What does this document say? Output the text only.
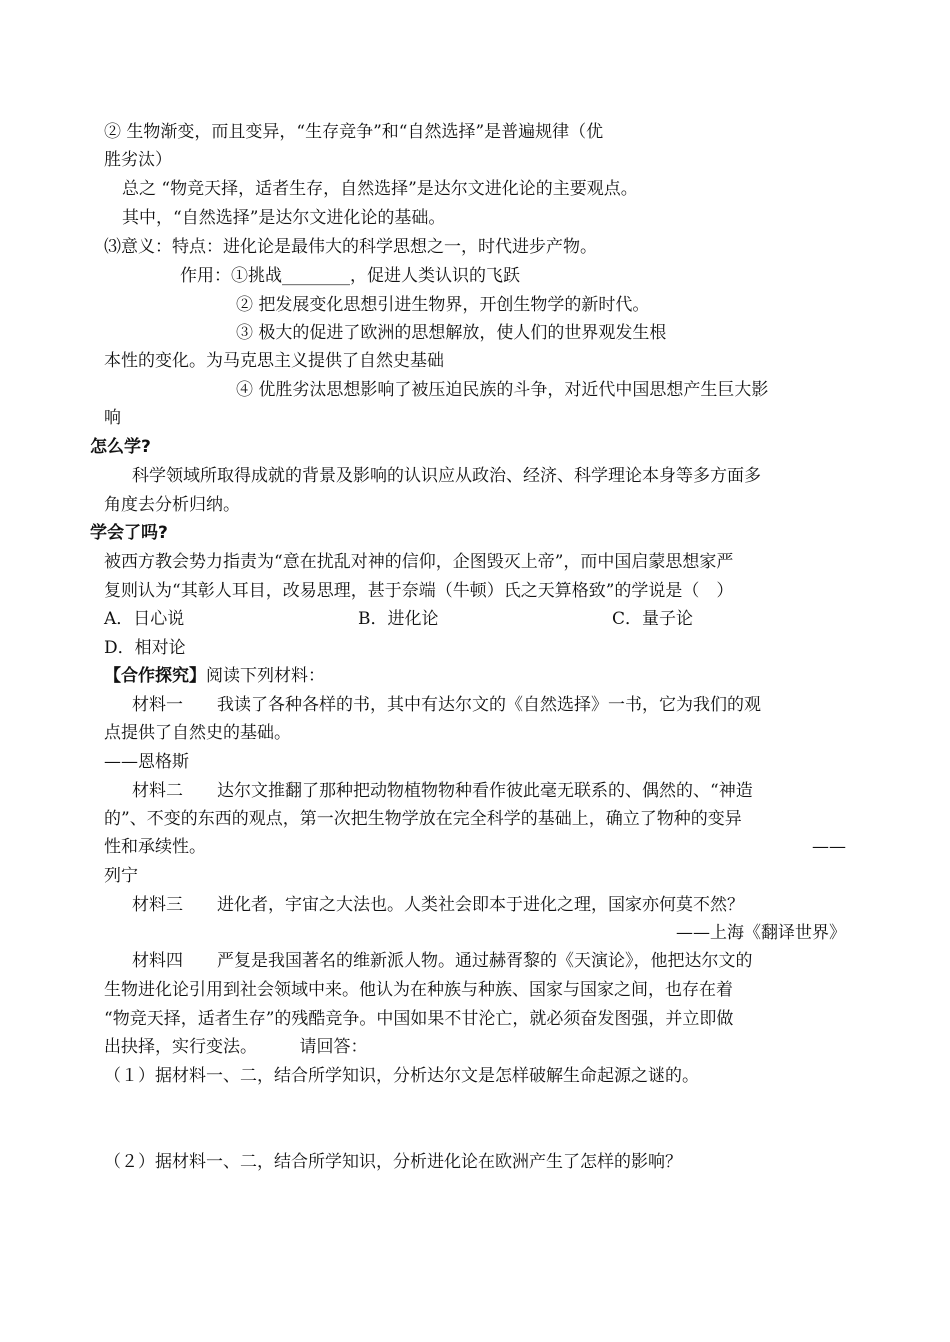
② 生物渐变，而且变异，“生存竞争”和“自然选择”是普遍规律（优
胜劣汰）
总之 “物竞天择，适者生存，自然选择”是达尔文进化论的主要观点。
其中，“自然选择”是达尔文进化论的基础。
⑶意义：特点：进化论是最伟大的科学思想之一，时代进步产物。
作用：①挑战________，促进人类认识的飞跃
② 把发展变化思想引进生物界，开创生物学的新时代。
③ 极大的促进了欧洲的思想解放，使人们的世界观发生根
本性的变化。为马克思主义提供了自然史基础
④ 优胜劣汰思想影响了被压迫民族的斗争，对近代中国思想产生巨大影
响
怎么学?
科学领域所取得成就的背景及影响的认识应从政治、经济、科学理论本身等多方面多
角度去分析归纳。
学会了吗?
被西方教会势力指责为“意在扰乱对神的信仰，企图毁灭上帝”，而中国启蒙思想家严
复则认为“其彰人耳目，改易思理，甚于奈端（牛顿）氏之天算格致”的学说是（　）
A．日心说	B．进化论	C．量子论
D．相对论
【合作探究】阅读下列材料：
材料一　　我读了各种各样的书，其中有达尔文的《自然选择》一书，它为我们的观
点提供了自然史的基础。
——恩格斯
材料二　　达尔文推翻了那种把动物植物物种看作彼此毫无联系的、偶然的、“神造
的”、不变的东西的观点，第一次把生物学放在完全科学的基础上，确立了物种的变异
性和承续性。	——
列宁
材料三　　进化者，宇宙之大法也。人类社会即本于进化之理，国家亦何莫不然？
——上海《翻译世界》
材料四　　严复是我国著名的维新派人物。通过赫胥黎的《天演论》，他把达尔文的
生物进化论引用到社会领域中来。他认为在种族与种族、国家与国家之间，也存在着
“物竞天择，适者生存”的残酷竞争。中国如果不甘沦亡，就必须奋发图强，并立即做
出抉择，实行变法。　　　请回答：
（１）据材料一、二，结合所学知识，分析达尔文是怎样破解生命起源之谜的。
（２）据材料一、二，结合所学知识，分析进化论在欧洲产生了怎样的影响？
